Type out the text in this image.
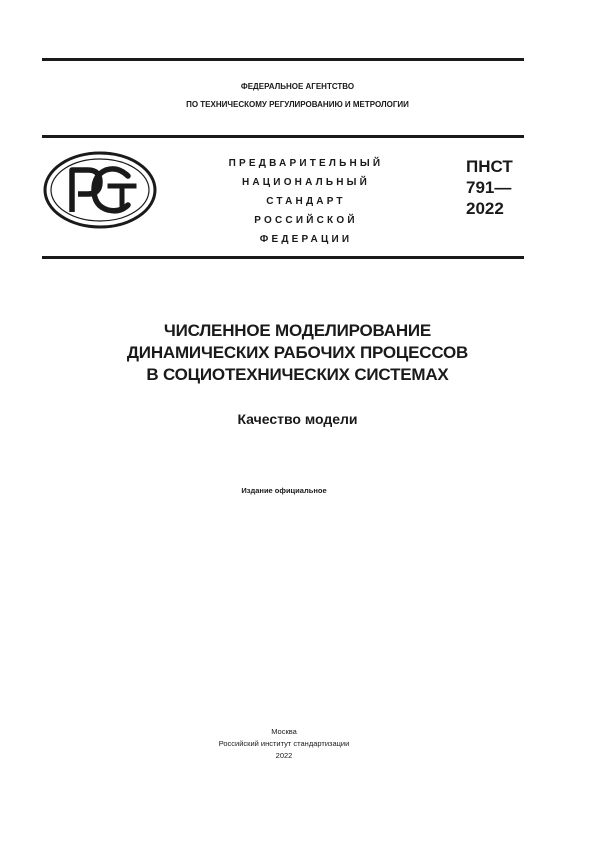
ФЕДЕРАЛЬНОЕ АГЕНТСТВО
ПО ТЕХНИЧЕСКОМУ РЕГУЛИРОВАНИЮ И МЕТРОЛОГИИ
ПРЕДВАРИТЕЛЬНЫЙ
НАЦИОНАЛЬНЫЙ
СТАНДАРТ
РОССИЙСКОЙ
ФЕДЕРАЦИИ
ПНСТ
791—
2022
ЧИСЛЕННОЕ МОДЕЛИРОВАНИЕ
ДИНАМИЧЕСКИХ РАБОЧИХ ПРОЦЕССОВ
В СОЦИОТЕХНИЧЕСКИХ СИСТЕМАХ
Качество модели
Издание официальное
Москва
Российский институт стандартизации
2022
